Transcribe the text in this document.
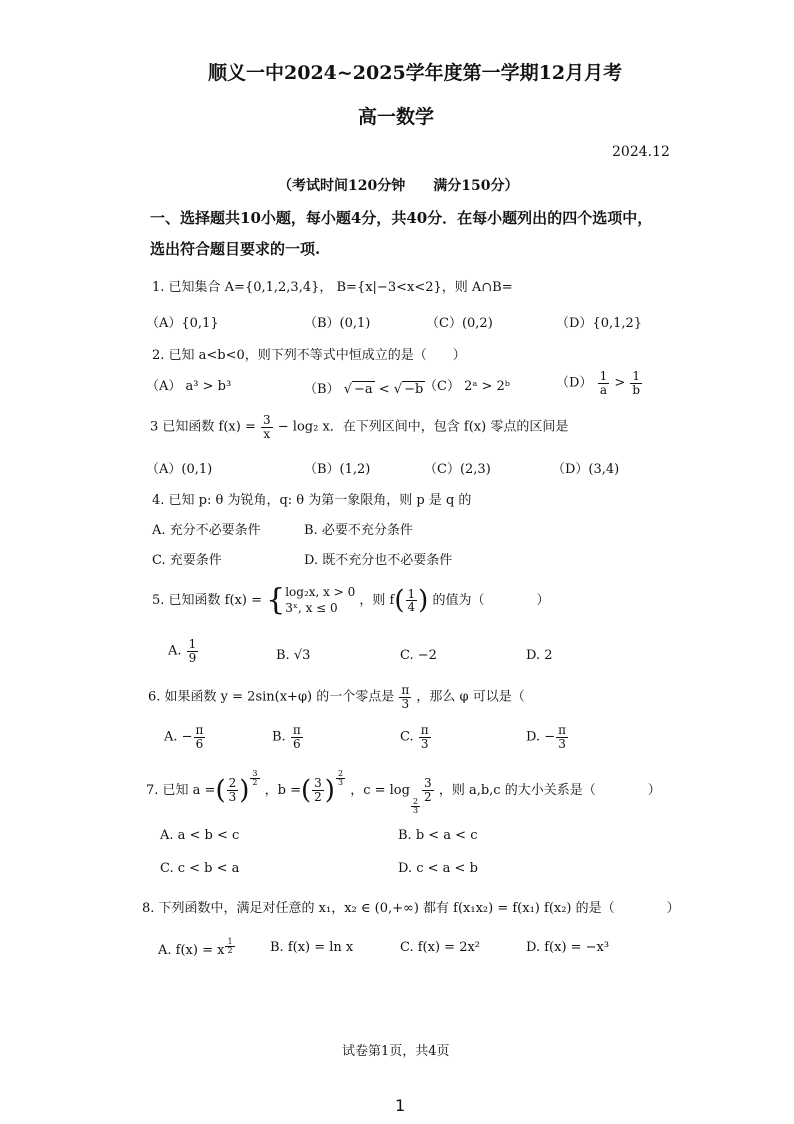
顺义一中2024~2025学年度第一学期12月月考
高一数学
2024.12
（考试时间120分钟　　满分150分）
一、选择题共10小题，每小题4分，共40分．在每小题列出的四个选项中，
选出符合题目要求的一项.
1. 已知集合 A={0,1,2,3,4}， B={x|−3<x<2}，则 A∩B=
（A）{0,1}	（B）(0,1)	（C）(0,2)	（D）{0,1,2}
2. 已知 a<b<0，则下列不等式中恒成立的是（　　）
（A） a³ > b³	（B） √ −a < √ −b （C） 2ᵃ > 2ᵇ	$(D) \frac{1}{a} > \frac{1}{b}$
3 已知函数 $f(x) = \frac{3}{x} - \log_2$ x．在下列区间中，包含 f(x) 零点的区间是
（A）(0,1)	（B）(1,2)	（C）(2,3)	（D）(3,4)
4. 已知 p: θ 为锐角，q: θ 为第一象限角，则 p 是 q 的
A. 充分不必要条件	B. 必要不充分条件
C. 充要条件	D. 既不充分也不必要条件
5. 已知函数 f(x) = { log₂x, x > 0
3ˣ, x ≤ 0	，则 $f( \frac{1}{4}$ ) 的值为（　　　　）
A. $\frac{1}{9}$	B. √3	C. −2	D. 2
6. 如果函数 y = 2sin(x+φ) 的一个零点是 $\frac{\pi}{3}$ ，那么 φ 可以是（
A. − $\frac{\pi}{6}$	B. $\frac{\pi}{6}$	C. $\frac{\pi}{3}$	D. − $\frac{\pi}{3}$
7. 已知 a =( $\frac{2}{3}$ ) $^{\frac{3}{2}}$
，b =( $\frac{3}{2}$ ) $^{\frac{2}{3}}$
，c = log
$_{\frac{2}{3}}$
$\frac{3}{2}$ ，则 a,b,c 的大小关系是（　　　　）
A. a < b < c	B. b < a < c
C. c < b < a	D. c < a < b
8. 下列函数中，满足对任意的 x₁，x₂ ∈ (0,+∞) 都有 f(x₁x₂) = f(x₁) f(x₂) 的是（　　　　）
A. f(x) = x $^{\frac{1}{2}}$	B. f(x) = ln x	C. f(x) = 2x²	D. f(x) = −x³
试卷第1页，共4页
1
